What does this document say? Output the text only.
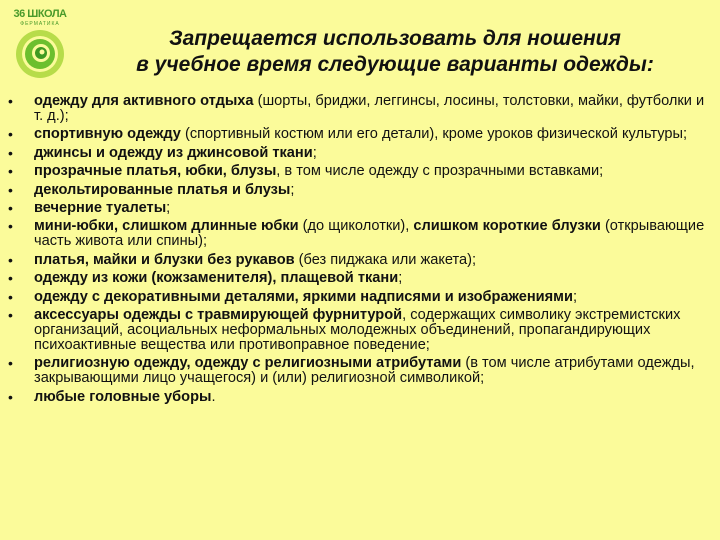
36 ШКОЛА
ФЕРМАТИКА
Запрещается использовать для ношения
в учебное время следующие варианты одежды:
• одежду для активного отдыха (шорты, бриджи, леггинсы, лосины, толстовки, майки, футболки и т. д.);
• спортивную одежду (спортивный костюм или его детали), кроме уроков физической культуры;
• джинсы и одежду из джинсовой ткани;
• прозрачные платья, юбки, блузы, в том числе одежду с прозрачными вставками;
• декольтированные платья и блузы;
• вечерние туалеты;
• мини-юбки, слишком длинные юбки (до щиколотки), слишком короткие блузки (открывающие часть живота или спины);
• платья, майки и блузки без рукавов (без пиджака или жакета);
• одежду из кожи (кожзаменителя), плащевой ткани;
• одежду с декоративными деталями, яркими надписями и изображениями;
• аксессуары одежды с травмирующей фурнитурой, содержащих символику экстремистских организаций, асоциальных неформальных молодежных объединений, пропагандирующих психоактивные вещества или противоправное поведение;
• религиозную одежду, одежду с религиозными атрибутами (в том числе атрибутами одежды, закрывающими лицо учащегося) и (или) религиозной символикой;
• любые головные уборы.
